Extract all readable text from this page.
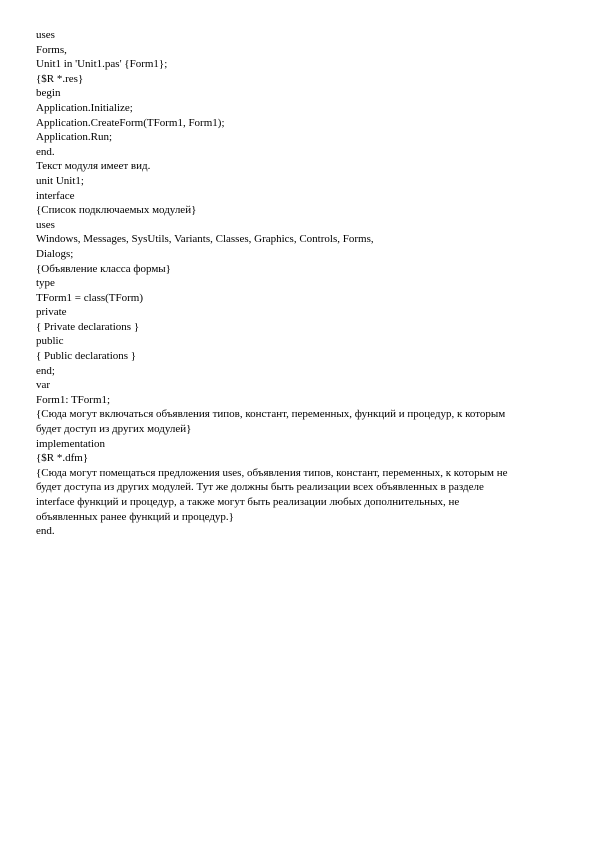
uses

Forms,

Unit1 in 'Unit1.pas' {Form1};

{$R *.res}

begin

Application.Initialize;

Application.CreateForm(TForm1, Form1);

Application.Run;

end.

Текст модуля имеет вид.

unit Unit1;

interface

{Список подключаемых модулей}

uses

Windows, Messages, SysUtils, Variants, Classes, Graphics, Controls, Forms,

Dialogs;

{Объявление класса формы}

type

TForm1 = class(TForm)

private

{ Private declarations }

public

{ Public declarations }

end;

var

Form1: TForm1;

{Сюда могут включаться объявления типов, констант, переменных, функций и процедур, к которым

будет доступ из других модулей}

implementation

{$R *.dfm}

{Сюда могут помещаться предложения uses, объявления типов, констант, переменных, к которым не

будет доступа из других модулей. Тут же должны быть реализации всех объявленных в разделе

interface функций и процедур, а также могут быть реализации любых дополнительных, не

объявленных ранее функций и процедур.}

end.
